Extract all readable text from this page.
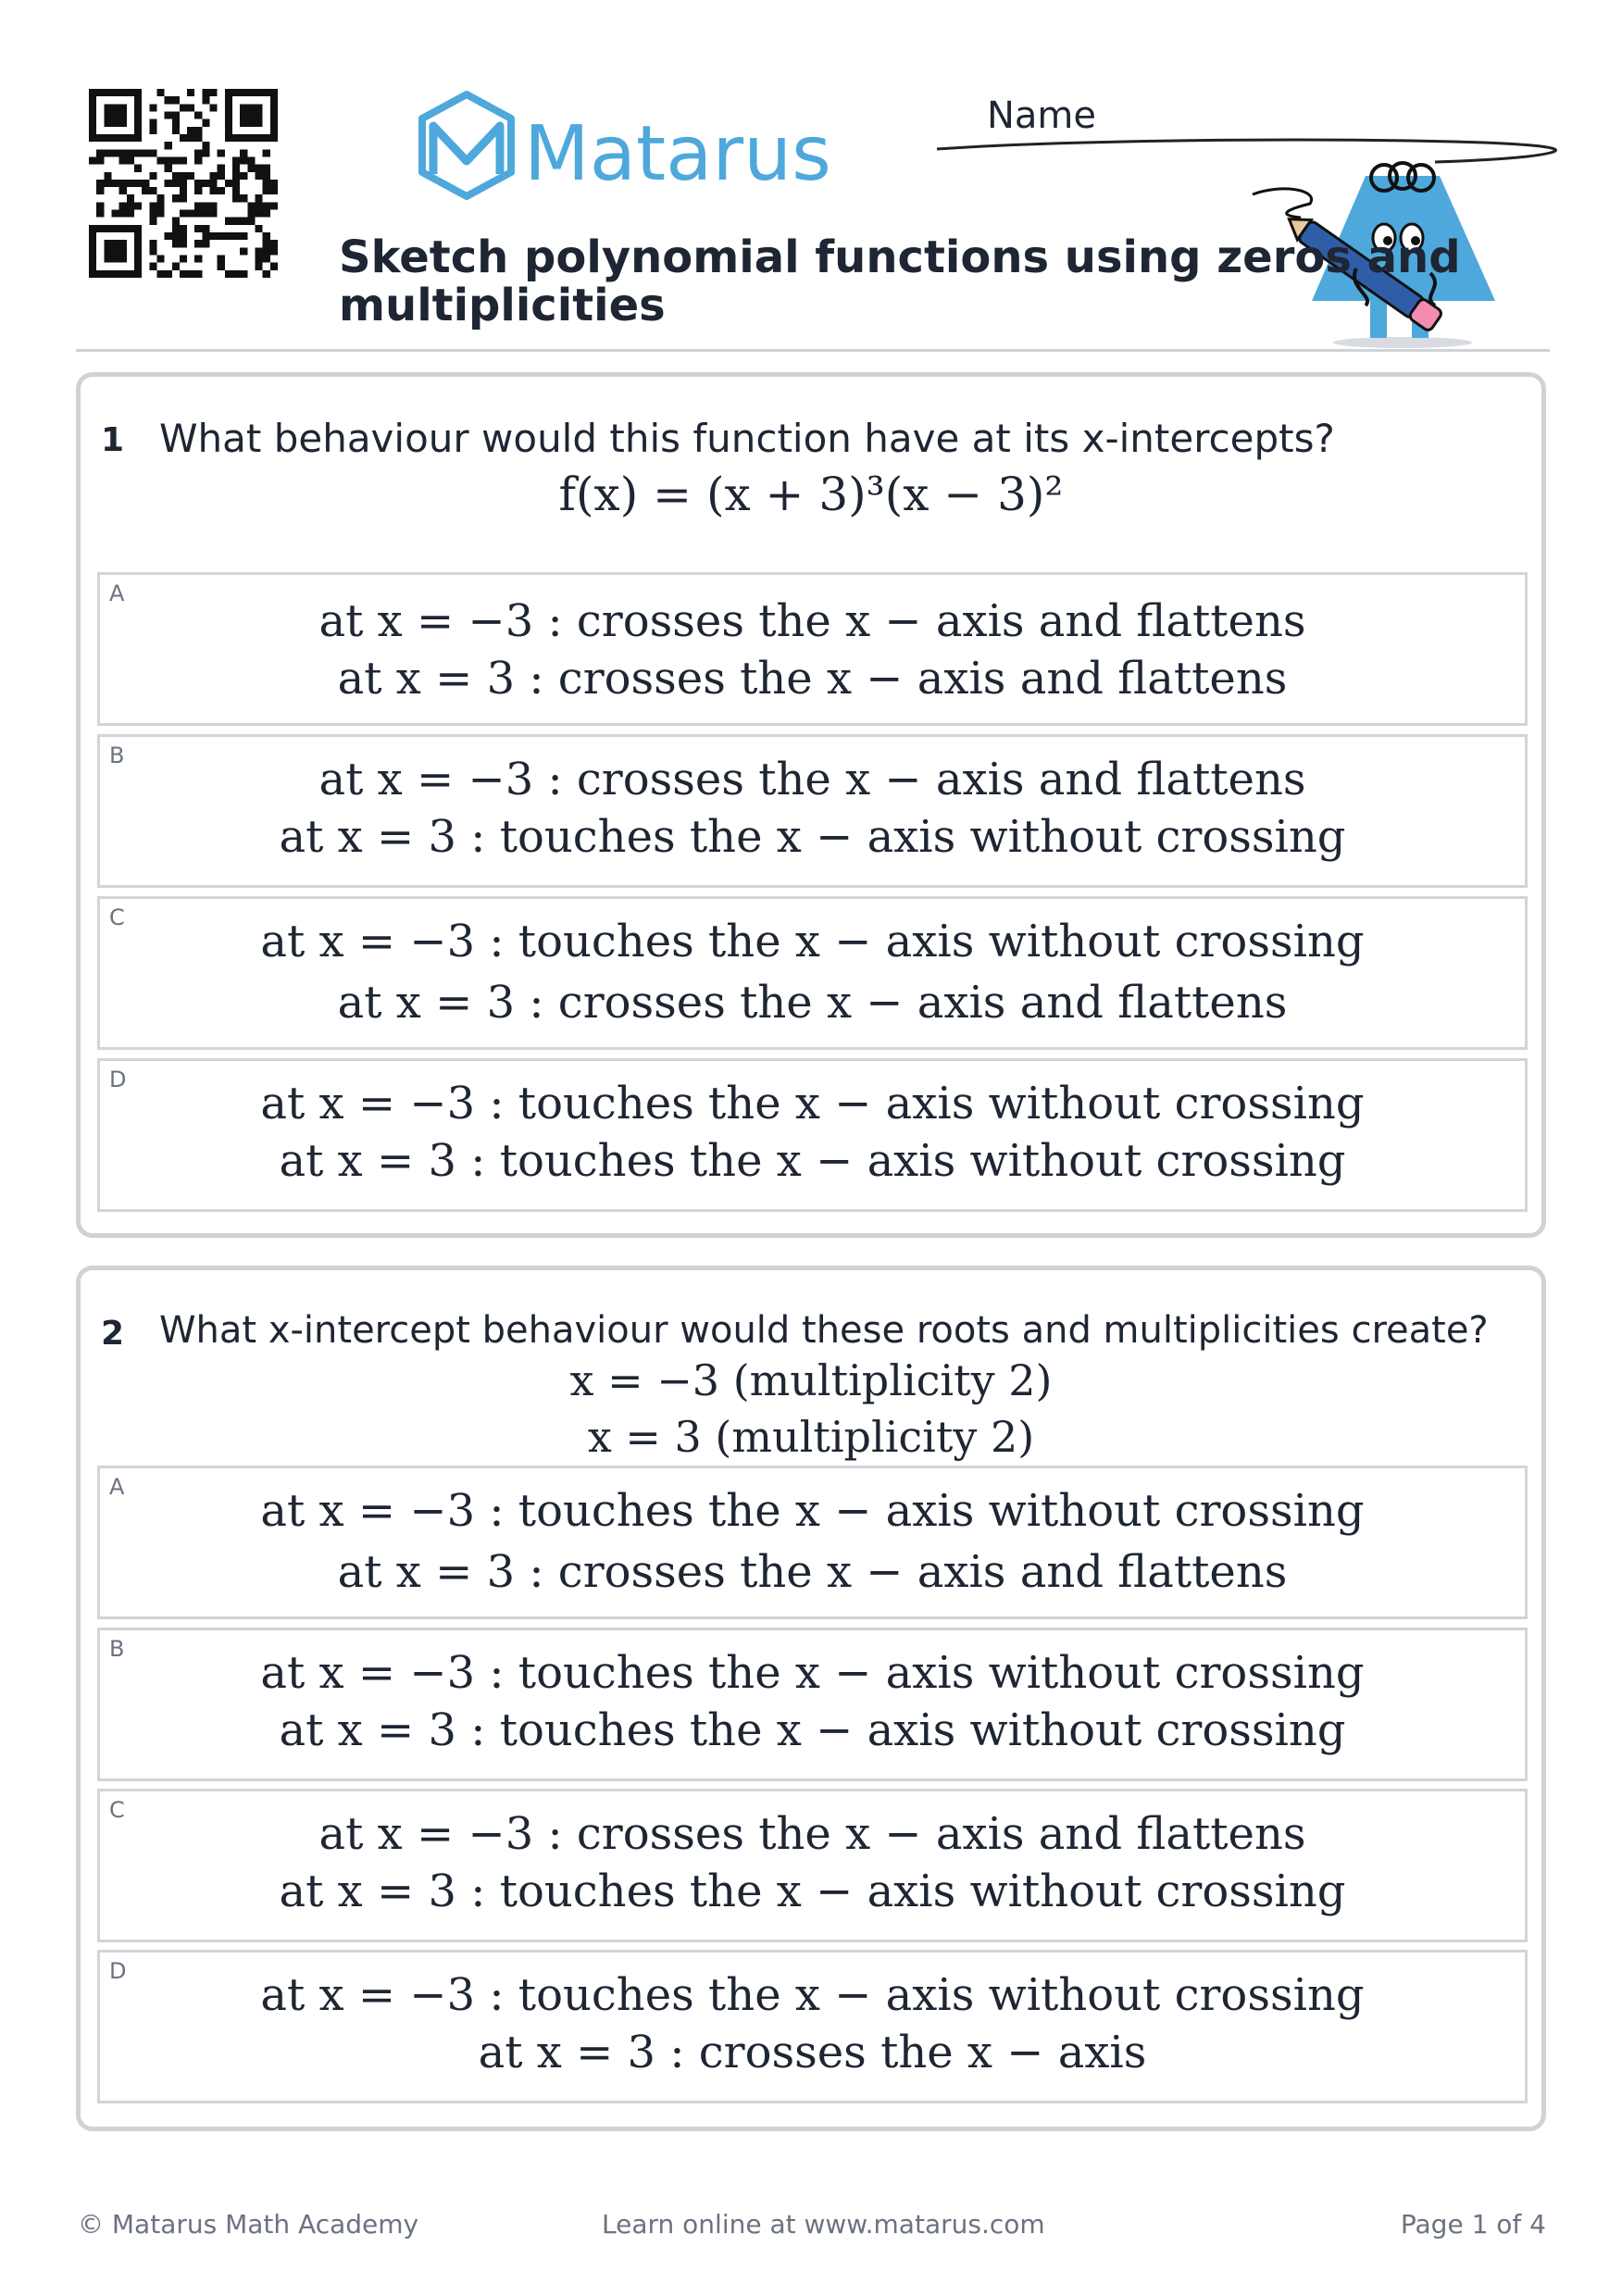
Matarus	Name
Sketch polynomial functions using zeros and multiplicities
1 What behaviour would this function have at its x-intercepts?
f(x) = (x + 3)³(x − 3)²
A
at x = −3 : crosses the x − axis and flattens
at x = 3 : crosses the x − axis and flattens
B	at x = −3 : crosses the x − axis and flattens
at x = 3 : touches the x − axis without crossing
C	at x = −3 : touches the x − axis without crossing
at x = 3 : crosses the x − axis and flattens
D	at x = −3 : touches the x − axis without crossing
at x = 3 : touches the x − axis without crossing
2 What x-intercept behaviour would these roots and multiplicities create?
x = −3 (multiplicity 2)
x = 3 (multiplicity 2)
A	at x = −3 : touches the x − axis without crossing
at x = 3 : crosses the x − axis and flattens
B	at x = −3 : touches the x − axis without crossing
at x = 3 : touches the x − axis without crossing
C	at x = −3 : crosses the x − axis and flattens
at x = 3 : touches the x − axis without crossing
D	at x = −3 : touches the x − axis without crossing
at x = 3 : crosses the x − axis
© Matarus Math Academy	Learn online at www.matarus.com	Page 1 of 4
